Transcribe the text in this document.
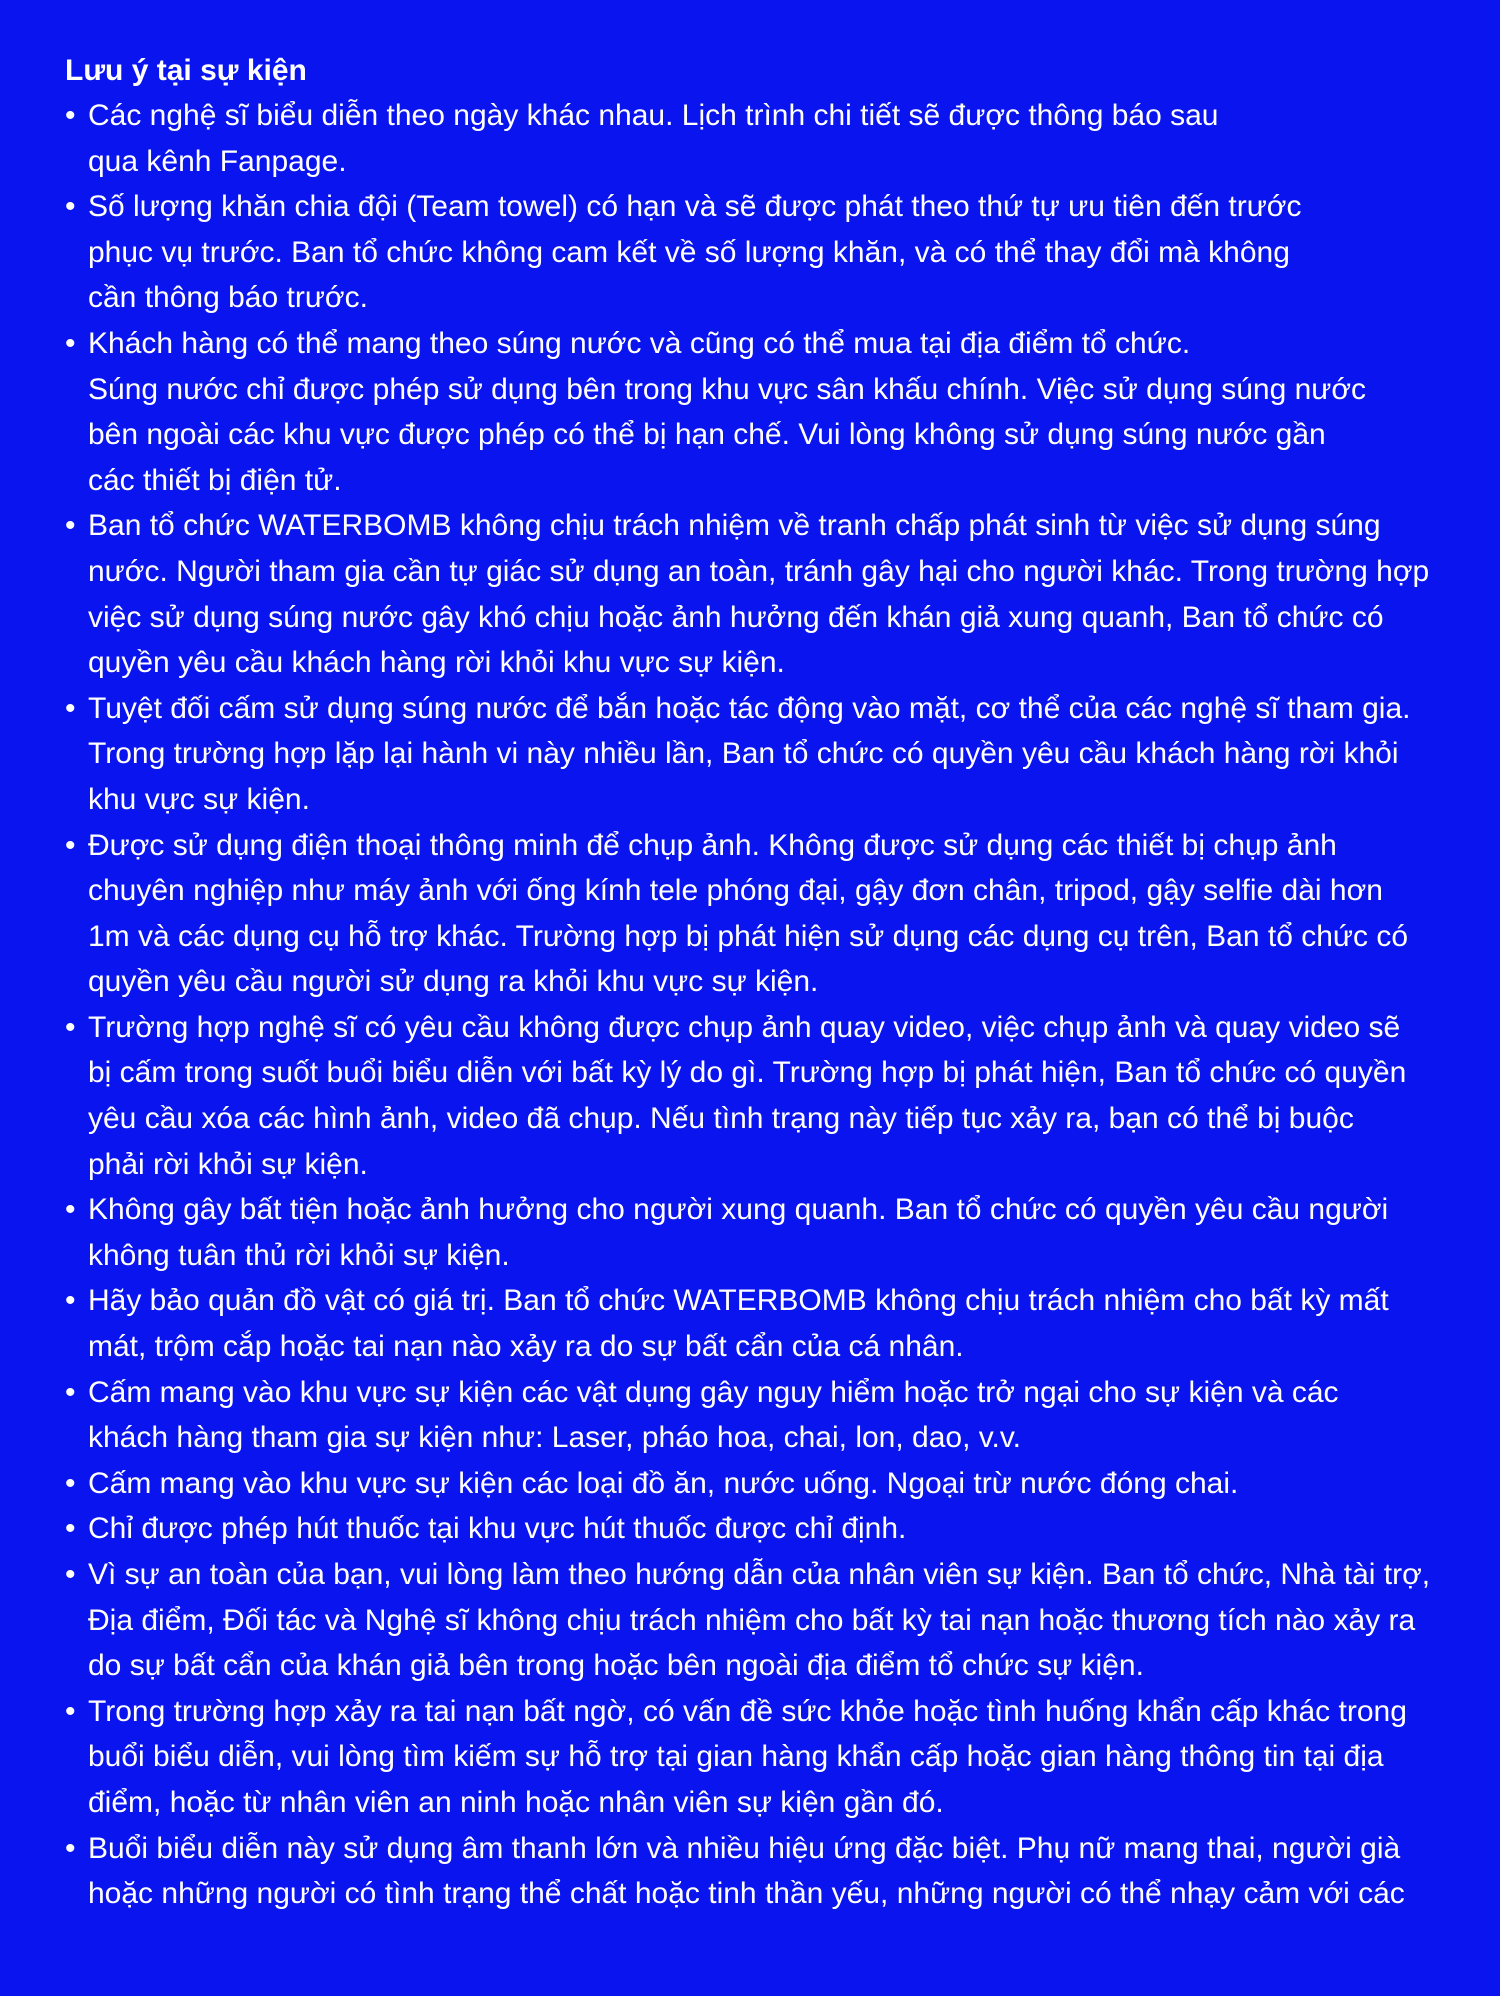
Lưu ý tại sự kiện
• Các nghệ sĩ biểu diễn theo ngày khác nhau. Lịch trình chi tiết sẽ được thông báo sau
qua kênh Fanpage.
• Số lượng khăn chia đội (Team towel) có hạn và sẽ được phát theo thứ tự ưu tiên đến trước
phục vụ trước. Ban tổ chức không cam kết về số lượng khăn, và có thể thay đổi mà không
cần thông báo trước.
• Khách hàng có thể mang theo súng nước và cũng có thể mua tại địa điểm tổ chức.
Súng nước chỉ được phép sử dụng bên trong khu vực sân khấu chính. Việc sử dụng súng nước
bên ngoài các khu vực được phép có thể bị hạn chế. Vui lòng không sử dụng súng nước gần
các thiết bị điện tử.
• Ban tổ chức WATERBOMB không chịu trách nhiệm về tranh chấp phát sinh từ việc sử dụng súng
nước. Người tham gia cần tự giác sử dụng an toàn, tránh gây hại cho người khác. Trong trường hợp
việc sử dụng súng nước gây khó chịu hoặc ảnh hưởng đến khán giả xung quanh, Ban tổ chức có
quyền yêu cầu khách hàng rời khỏi khu vực sự kiện.
• Tuyệt đối cấm sử dụng súng nước để bắn hoặc tác động vào mặt, cơ thể của các nghệ sĩ tham gia.
Trong trường hợp lặp lại hành vi này nhiều lần, Ban tổ chức có quyền yêu cầu khách hàng rời khỏi
khu vực sự kiện.
• Được sử dụng điện thoại thông minh để chụp ảnh. Không được sử dụng các thiết bị chụp ảnh
chuyên nghiệp như máy ảnh với ống kính tele phóng đại, gậy đơn chân, tripod, gậy selfie dài hơn
1m và các dụng cụ hỗ trợ khác. Trường hợp bị phát hiện sử dụng các dụng cụ trên, Ban tổ chức có
quyền yêu cầu người sử dụng ra khỏi khu vực sự kiện.
• Trường hợp nghệ sĩ có yêu cầu không được chụp ảnh quay video, việc chụp ảnh và quay video sẽ
bị cấm trong suốt buổi biểu diễn với bất kỳ lý do gì. Trường hợp bị phát hiện, Ban tổ chức có quyền
yêu cầu xóa các hình ảnh, video đã chụp. Nếu tình trạng này tiếp tục xảy ra, bạn có thể bị buộc
phải rời khỏi sự kiện.
• Không gây bất tiện hoặc ảnh hưởng cho người xung quanh. Ban tổ chức có quyền yêu cầu người
không tuân thủ rời khỏi sự kiện.
• Hãy bảo quản đồ vật có giá trị. Ban tổ chức WATERBOMB không chịu trách nhiệm cho bất kỳ mất
mát, trộm cắp hoặc tai nạn nào xảy ra do sự bất cẩn của cá nhân.
• Cấm mang vào khu vực sự kiện các vật dụng gây nguy hiểm hoặc trở ngại cho sự kiện và các
khách hàng tham gia sự kiện như: Laser, pháo hoa, chai, lon, dao, v.v.
• Cấm mang vào khu vực sự kiện các loại đồ ăn, nước uống. Ngoại trừ nước đóng chai.
• Chỉ được phép hút thuốc tại khu vực hút thuốc được chỉ định.
• Vì sự an toàn của bạn, vui lòng làm theo hướng dẫn của nhân viên sự kiện. Ban tổ chức, Nhà tài trợ,
Địa điểm, Đối tác và Nghệ sĩ không chịu trách nhiệm cho bất kỳ tai nạn hoặc thương tích nào xảy ra
do sự bất cẩn của khán giả bên trong hoặc bên ngoài địa điểm tổ chức sự kiện.
• Trong trường hợp xảy ra tai nạn bất ngờ, có vấn đề sức khỏe hoặc tình huống khẩn cấp khác trong
buổi biểu diễn, vui lòng tìm kiếm sự hỗ trợ tại gian hàng khẩn cấp hoặc gian hàng thông tin tại địa
điểm, hoặc từ nhân viên an ninh hoặc nhân viên sự kiện gần đó.
• Buổi biểu diễn này sử dụng âm thanh lớn và nhiều hiệu ứng đặc biệt. Phụ nữ mang thai, người già
hoặc những người có tình trạng thể chất hoặc tinh thần yếu, những người có thể nhạy cảm với các
